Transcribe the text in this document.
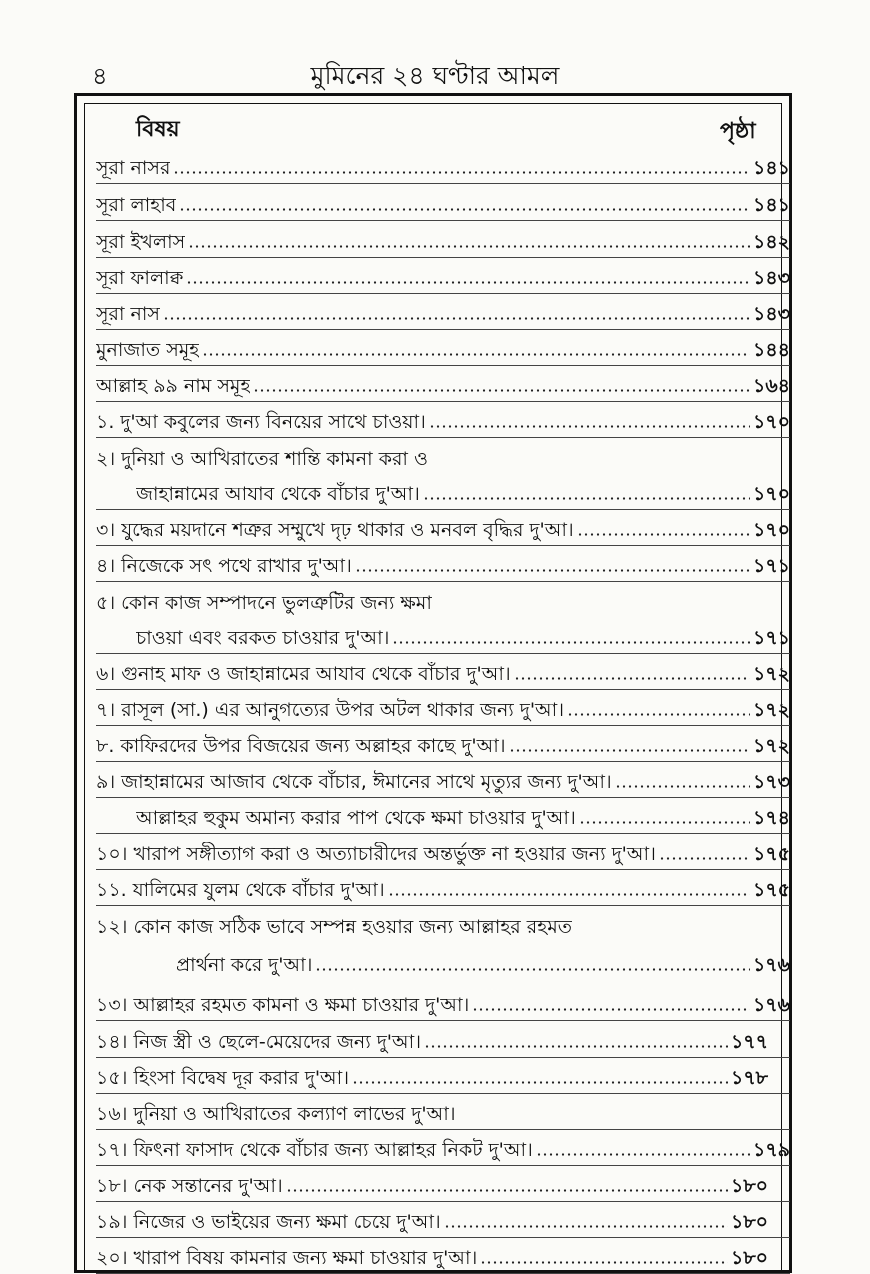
৪	মুমিনের ২৪ ঘণ্টার আমল
বিষয়	পৃষ্ঠা
সূরা নাসর	১৪১
সূরা লাহাব	১৪১
সূরা ইখলাস	১৪২
সূরা ফালাক্ব	১৪৩
সূরা নাস	১৪৩
মুনাজাত সমূহ	১৪৪
আল্লাহ ৯৯ নাম সমূহ	১৬৪
১. দু'আ কবুলের জন্য বিনয়ের সাথে চাওয়া।	১৭০
২। দুনিয়া ও আখিরাতের শান্তি কামনা করা ও
জাহান্নামের আযাব থেকে বাঁচার দু'আ।	১৭০
৩। যুদ্ধের ময়দানে শত্রুর সম্মুখে দৃঢ় থাকার ও মনবল বৃদ্ধির দু'আ।	১৭০
৪। নিজেকে সৎ পথে রাখার দু'আ।	১৭১
৫। কোন কাজ সম্পাদনে ভুলত্রুটির জন্য ক্ষমা
চাওয়া এবং বরকত চাওয়ার দু'আ।	১৭১
৬। গুনাহ মাফ ও জাহান্নামের আযাব থেকে বাঁচার দু'আ।	১৭২
৭। রাসূল (সা.) এর আনুগত্যের উপর অটল থাকার জন্য দু'আ।	১৭২
৮. কাফিরদের উপর বিজয়ের জন্য অল্লাহর কাছে দু'আ।	১৭২
৯। জাহান্নামের আজাব থেকে বাঁচার, ঈমানের সাথে মৃত্যুর জন্য দু'আ।	১৭৩
আল্লাহর হুকুম অমান্য করার পাপ থেকে ক্ষমা চাওয়ার দু'আ।	১৭৪
১০। খারাপ সঙ্গীত্যাগ করা ও অত্যাচারীদের অন্তর্ভুক্ত না হওয়ার জন্য দু'আ।	১৭৫
১১. যালিমের যুলম থেকে বাঁচার দু'আ।	১৭৫
১২। কোন কাজ সঠিক ভাবে সম্পন্ন হওয়ার জন্য আল্লাহর রহমত
প্রার্থনা করে দু'আ।	১৭৬
১৩। আল্লাহর রহমত কামনা ও ক্ষমা চাওয়ার দু'আ।	১৭৬
১৪। নিজ স্ত্রী ও ছেলে-মেয়েদের জন্য দু'আ।	১৭৭
১৫। হিংসা বিদ্বেষ দূর করার দু'আ।	১৭৮
১৬। দুনিয়া ও আখিরাতের কল্যাণ লাভের দু'আ।
১৭। ফিৎনা ফাসাদ থেকে বাঁচার জন্য আল্লাহর নিকট দু'আ।	১৭৯
১৮। নেক সন্তানের দু'আ।	১৮০
১৯। নিজের ও ভাইয়ের জন্য ক্ষমা চেয়ে দু'আ।	১৮০
২০। খারাপ বিষয় কামনার জন্য ক্ষমা চাওয়ার দু'আ।	১৮০
